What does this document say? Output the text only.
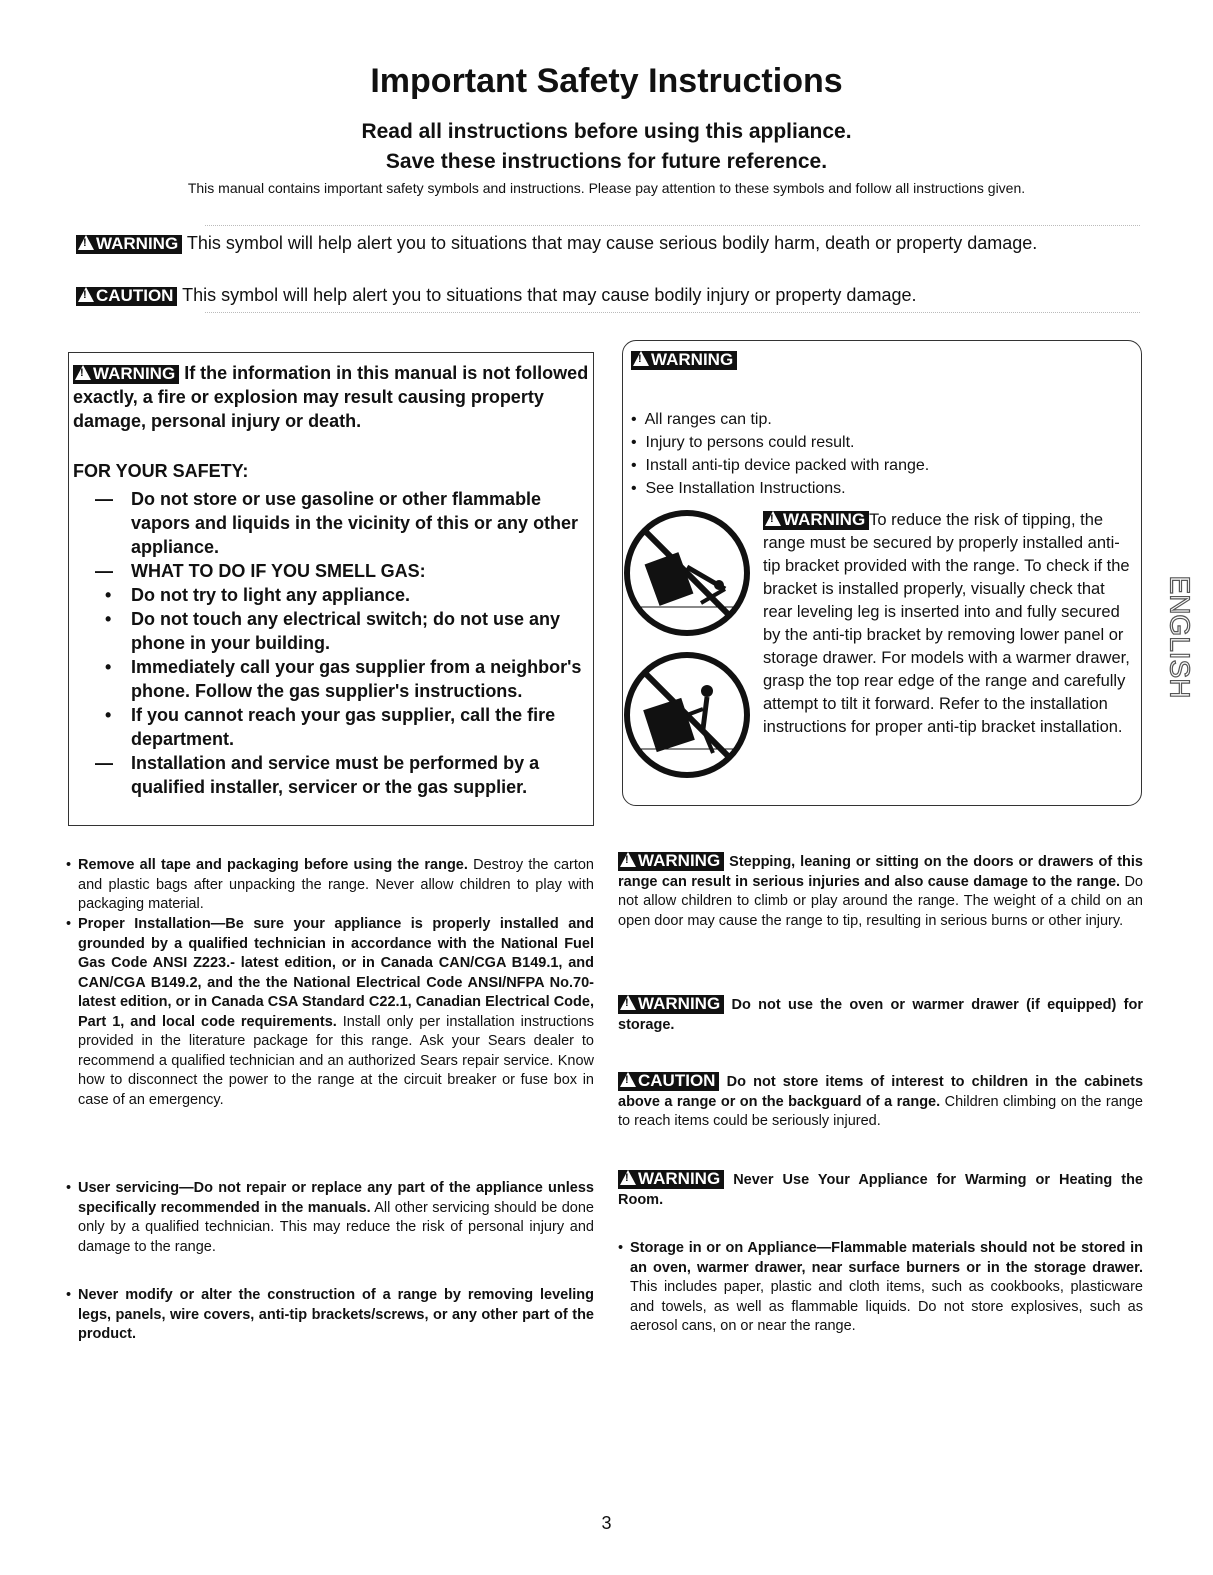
Important Safety Instructions
Read all instructions before using this appliance.
Save these instructions for future reference.
This manual contains important safety symbols and instructions. Please pay attention to these symbols and follow all instructions given.
!WARNING This symbol will help alert you to situations that may cause serious bodily harm, death or property damage.
!CAUTION This symbol will help alert you to situations that may cause bodily injury or property damage.
!WARNING If the information in this manual is not followed exactly, a fire or explosion may result causing property damage, personal injury or death.
FOR YOUR SAFETY:
—	Do not store or use gasoline or other flammable vapors and liquids in the vicinity of this or any other appliance.
—	WHAT TO DO IF YOU SMELL GAS:
•	Do not try to light any appliance.
•	Do not touch any electrical switch; do not use any phone in your building.
•	Immediately call your gas supplier from a neighbor's phone. Follow the gas supplier's instructions.
•	If you cannot reach your gas supplier, call the fire department.
—	Installation and service must be performed by a qualified installer, servicer or the gas supplier.
!WARNING
•  All ranges can tip.
•  Injury to persons could result.
•  Install anti-tip device packed with range.
•  See Installation Instructions.
!WARNING To reduce the risk of tipping, the range must be secured by properly installed anti-tip bracket provided with the range. To check if the bracket is installed properly, visually check that rear leveling leg is inserted into and fully secured by the anti-tip bracket by removing lower panel or storage drawer. For models with a warmer drawer, grasp the top rear edge of the range and carefully attempt to tilt it forward. Refer to the installation instructions for proper anti-tip bracket installation.
ENGLISH
• Remove all tape and packaging before using the range. Destroy the carton and plastic bags after unpacking the range. Never allow children to play with packaging material.
• Proper Installation—Be sure your appliance is properly installed and grounded by a qualified technician in accordance with the National Fuel Gas Code ANSI Z223.- latest edition, or in Canada CAN/CGA B149.1, and CAN/CGA B149.2, and the the National Electrical Code ANSI/NFPA No.70-latest edition, or in Canada CSA Standard C22.1, Canadian Electrical Code, Part 1, and local code requirements. Install only per installation instructions provided in the literature package for this range. Ask your Sears dealer to recommend a qualified technician and an authorized Sears repair service. Know how to disconnect the power to the range at the circuit breaker or fuse box in case of an emergency.
• User servicing—Do not repair or replace any part of the appliance unless specifically recommended in the manuals. All other servicing should be done only by a qualified technician. This may reduce the risk of personal injury and damage to the range.
• Never modify or alter the construction of a range by removing leveling legs, panels, wire covers, anti-tip brackets/screws, or any other part of the product.
!WARNING Stepping, leaning or sitting on the doors or drawers of this range can result in serious injuries and also cause damage to the range. Do not allow children to climb or play around the range. The weight of a child on an open door may cause the range to tip, resulting in serious burns or other injury.
!WARNING Do not use the oven or warmer drawer (if equipped) for storage.
!CAUTION Do not store items of interest to children in the cabinets above a range or on the backguard of a range. Children climbing on the range to reach items could be seriously injured.
!WARNING Never Use Your Appliance for Warming or Heating the Room.
• Storage in or on Appliance—Flammable materials should not be stored in an oven, warmer drawer, near surface burners or in the storage drawer. This includes paper, plastic and cloth items, such as cookbooks, plasticware and towels, as well as flammable liquids. Do not store explosives, such as aerosol cans, on or near the range.
3
